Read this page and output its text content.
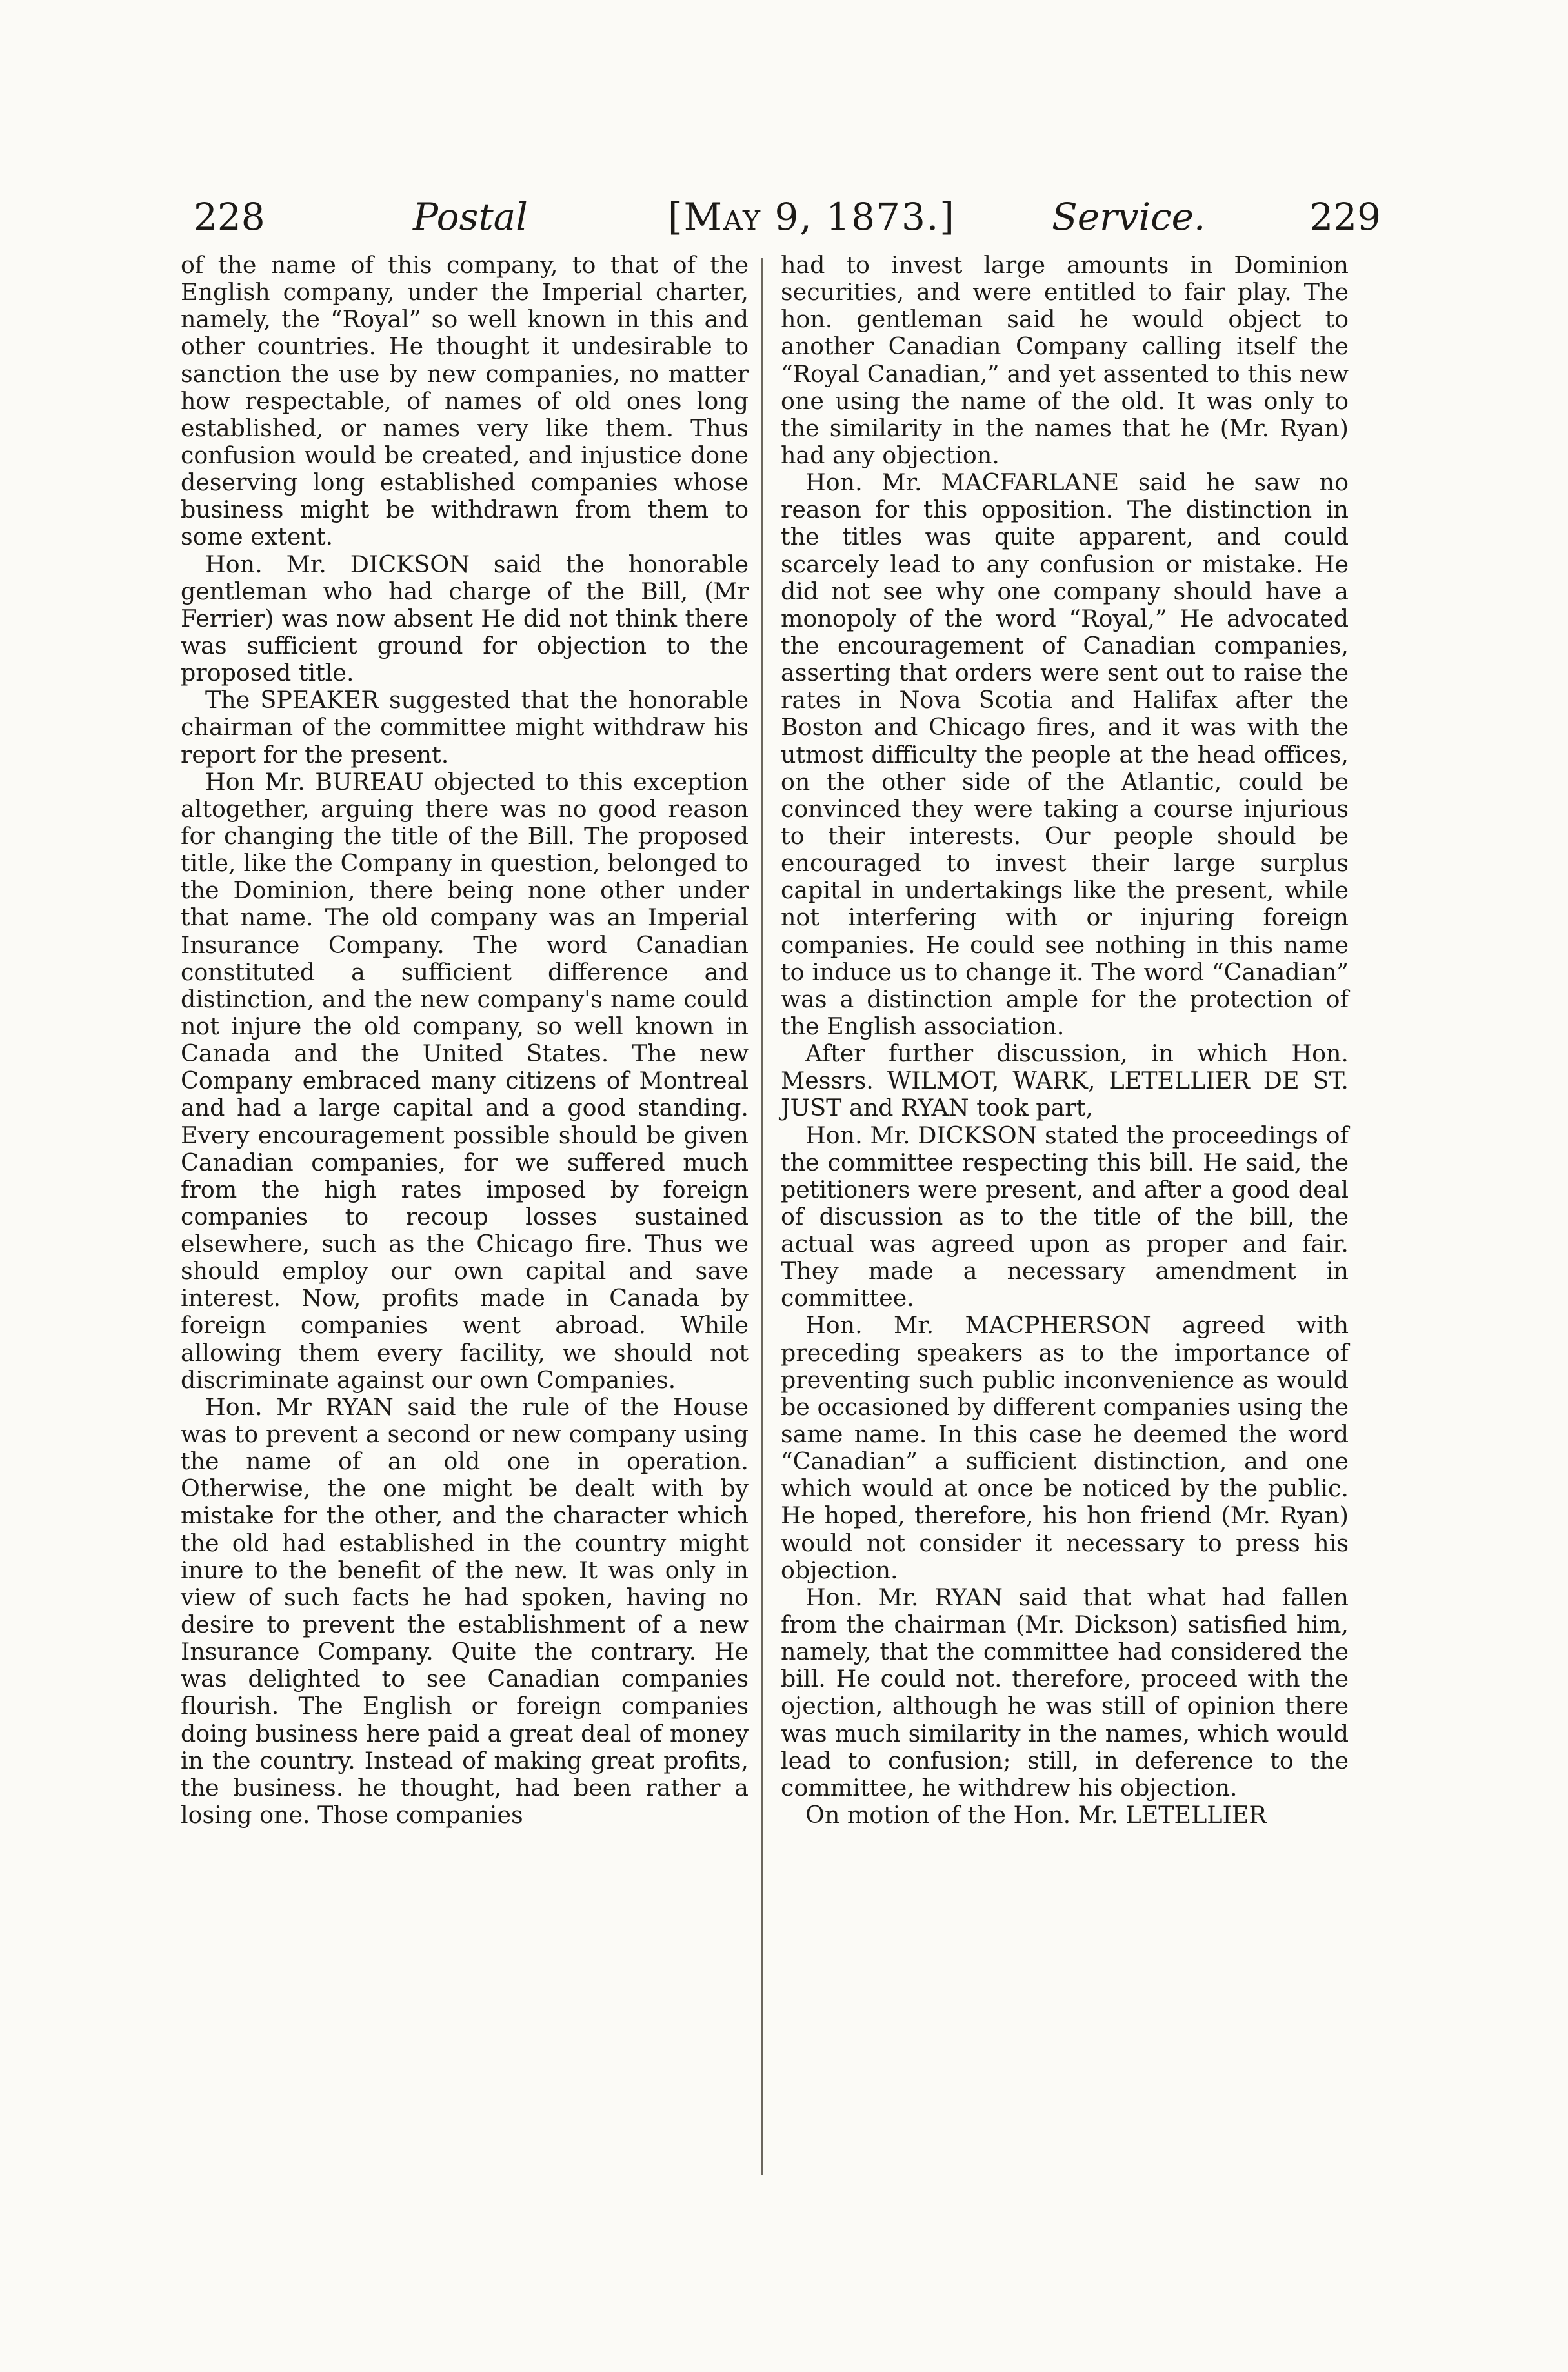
228	Postal	[May 9, 1873.]	Service.	229

of the name of this company, to that of the English company, under the Imperial charter, namely, the “Royal” so well known in this and other countries. He thought it undesirable to sanction the use by new companies, no matter how respectable, of names of old ones long established, or names very like them. Thus confusion would be created, and injustice done deserving long established companies whose business might be withdrawn from them to some extent.

Hon. Mr. DICKSON said the honorable gentleman who had charge of the Bill, (Mr Ferrier) was now absent He did not think there was sufficient ground for objection to the proposed title.

The SPEAKER suggested that the honorable chairman of the committee might withdraw his report for the present.

Hon Mr. BUREAU objected to this exception altogether, arguing there was no good reason for changing the title of the Bill. The proposed title, like the Company in question, belonged to the Dominion, there being none other under that name. The old company was an Imperial Insurance Company. The word Canadian constituted a sufficient difference and distinction, and the new company's name could not injure the old company, so well known in Canada and the United States. The new Company embraced many citizens of Montreal and had a large capital and a good standing. Every encouragement possible should be given Canadian companies, for we suffered much from the high rates imposed by foreign companies to recoup losses sustained elsewhere, such as the Chicago fire. Thus we should employ our own capital and save interest. Now, profits made in Canada by foreign companies went abroad. While allowing them every facility, we should not discriminate against our own Companies.

Hon. Mr RYAN said the rule of the House was to prevent a second or new company using the name of an old one in operation. Otherwise, the one might be dealt with by mistake for the other, and the character which the old had established in the country might inure to the benefit of the new. It was only in view of such facts he had spoken, having no desire to prevent the establishment of a new Insurance Company. Quite the contrary. He was delighted to see Canadian companies flourish. The English or foreign companies doing business here paid a great deal of money in the country. Instead of making great profits, the business. he thought, had been rather a losing one. Those companies

had to invest large amounts in Dominion securities, and were entitled to fair play. The hon. gentleman said he would object to another Canadian Company calling itself the “Royal Canadian,” and yet assented to this new one using the name of the old. It was only to the similarity in the names that he (Mr. Ryan) had any objection.

Hon. Mr. MACFARLANE said he saw no reason for this opposition. The distinction in the titles was quite apparent, and could scarcely lead to any confusion or mistake. He did not see why one company should have a monopoly of the word “Royal,” He advocated the encouragement of Canadian companies, asserting that orders were sent out to raise the rates in Nova Scotia and Halifax after the Boston and Chicago fires, and it was with the utmost difficulty the people at the head offices, on the other side of the Atlantic, could be convinced they were taking a course injurious to their interests. Our people should be encouraged to invest their large surplus capital in undertakings like the present, while not interfering with or injuring foreign companies. He could see nothing in this name to induce us to change it. The word “Canadian” was a distinction ample for the protection of the English association.

After further discussion, in which Hon. Messrs. WILMOT, WARK, LETELLIER DE ST. JUST and RYAN took part,

Hon. Mr. DICKSON stated the proceedings of the committee respecting this bill. He said, the petitioners were present, and after a good deal of discussion as to the title of the bill, the actual was agreed upon as proper and fair. They made a necessary amendment in committee.

Hon. Mr. MACPHERSON agreed with preceding speakers as to the importance of preventing such public inconvenience as would be occasioned by different companies using the same name. In this case he deemed the word “Canadian” a sufficient distinction, and one which would at once be noticed by the public. He hoped, therefore, his hon friend (Mr. Ryan) would not consider it necessary to press his objection.

Hon. Mr. RYAN said that what had fallen from the chairman (Mr. Dickson) satisfied him, namely, that the committee had considered the bill. He could not. therefore, proceed with the ojection, although he was still of opinion there was much similarity in the names, which would lead to confusion; still, in deference to the committee, he withdrew his objection.

On motion of the Hon. Mr. LETELLIER
